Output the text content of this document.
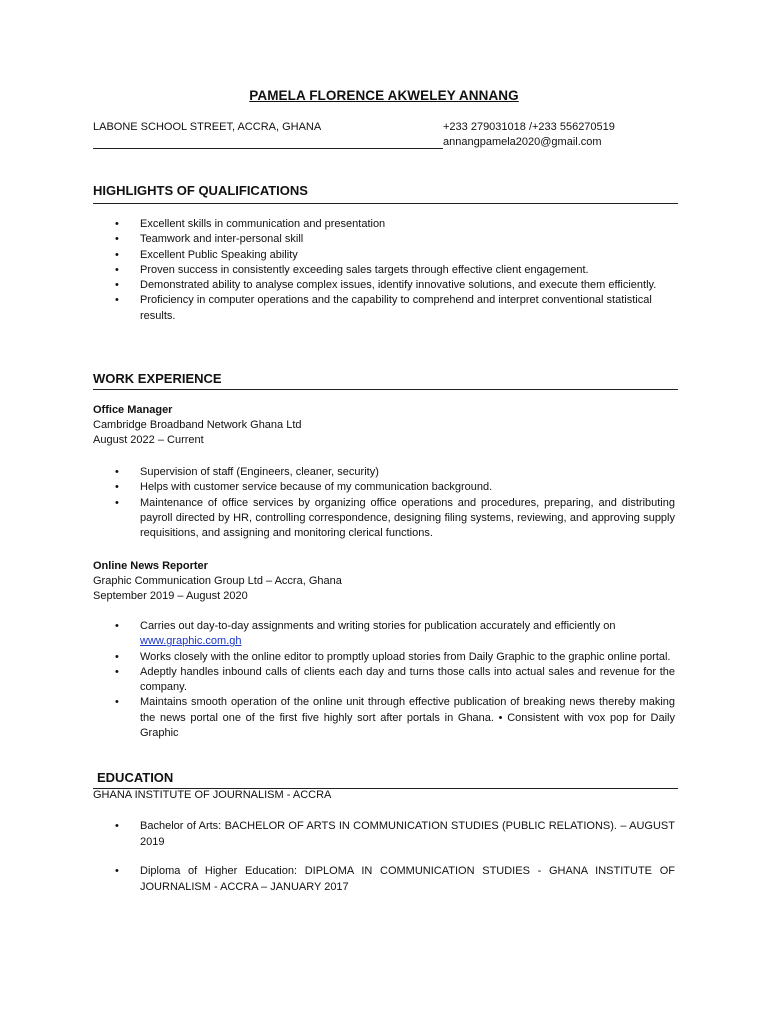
PAMELA FLORENCE AKWELEY ANNANG
LABONE SCHOOL STREET, ACCRA, GHANA	+233 279031018 /+233 556270519
annangpamela2020@gmail.com
HIGHLIGHTS OF QUALIFICATIONS
• Excellent skills in communication and presentation
• Teamwork and inter-personal skill
• Excellent Public Speaking ability
• Proven success in consistently exceeding sales targets through effective client engagement.
• Demonstrated ability to analyse complex issues, identify innovative solutions, and execute them efficiently.
• Proficiency in computer operations and the capability to comprehend and interpret conventional statistical results.
WORK EXPERIENCE
Office Manager
Cambridge Broadband Network Ghana Ltd
August 2022 – Current
• Supervision of staff (Engineers, cleaner, security)
• Helps with customer service because of my communication background.
• Maintenance of office services by organizing office operations and procedures, preparing, and distributing payroll directed by HR, controlling correspondence, designing filing systems, reviewing, and approving supply requisitions, and assigning and monitoring clerical functions.
Online News Reporter
Graphic Communication Group Ltd – Accra, Ghana
September 2019 – August 2020
• Carries out day-to-day assignments and writing stories for publication accurately and efficiently on
www.graphic.com.gh
• Works closely with the online editor to promptly upload stories from Daily Graphic to the graphic online portal.
• Adeptly handles inbound calls of clients each day and turns those calls into actual sales and revenue for the company.
• Maintains smooth operation of the online unit through effective publication of breaking news thereby making the news portal one of the first five highly sort after portals in Ghana. • Consistent with vox pop for Daily Graphic
EDUCATION
GHANA INSTITUTE OF JOURNALISM - ACCRA
• Bachelor of Arts: BACHELOR OF ARTS IN COMMUNICATION STUDIES (PUBLIC RELATIONS). – AUGUST 2019
• Diploma of Higher Education: DIPLOMA IN COMMUNICATION STUDIES - GHANA INSTITUTE OF JOURNALISM - ACCRA – JANUARY 2017
